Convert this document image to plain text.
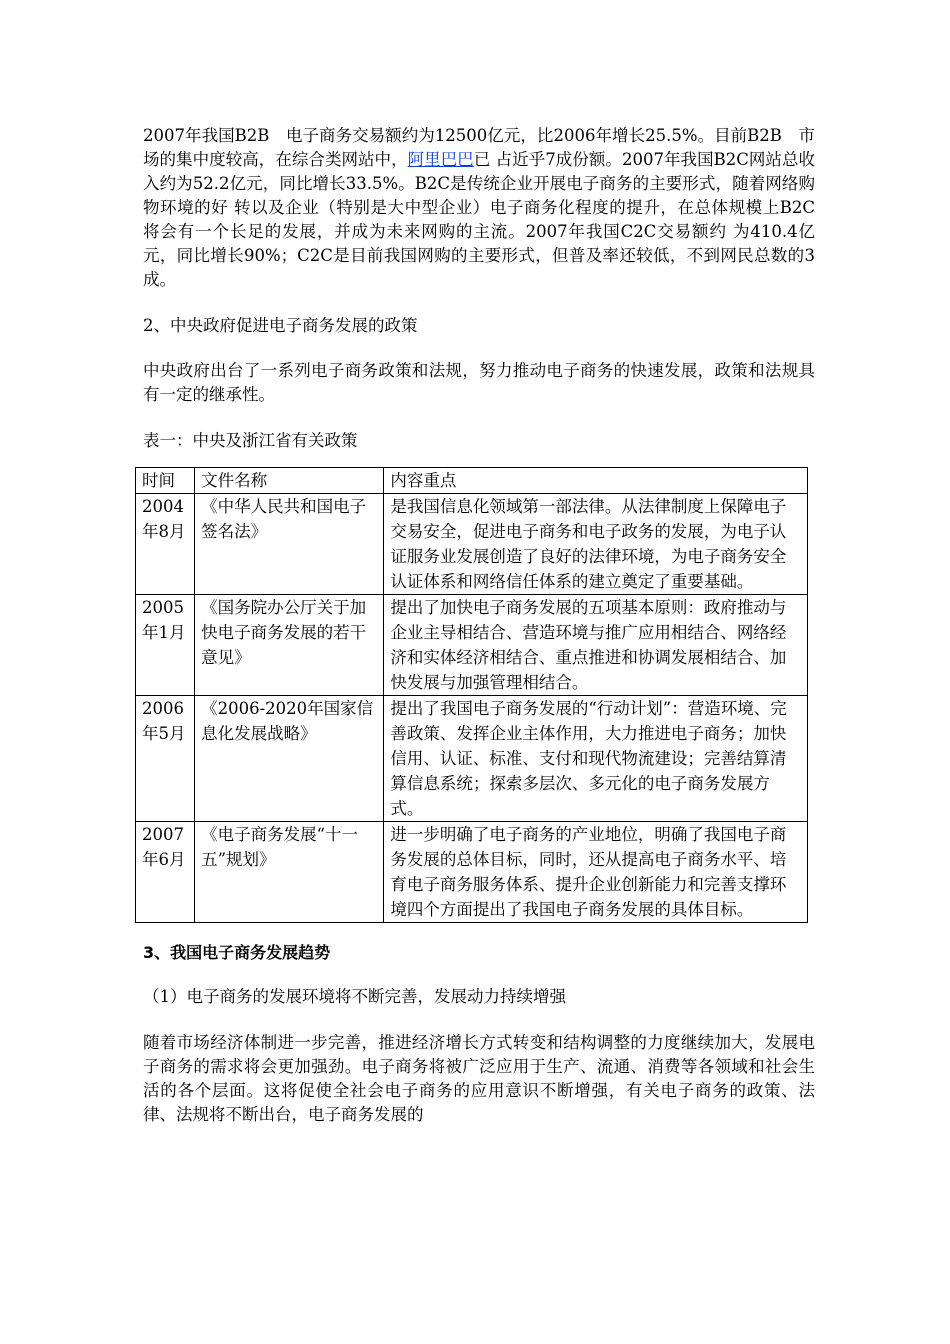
2007年我国B2B　电子商务交易额约为12500亿元，比2006年增长25.5%。目前B2B　市场的集中度较高，在综合类网站中，阿里巴巴已 占近乎7成份额。2007年我国B2C网站总收入约为52.2亿元，同比增长33.5%。B2C是传统企业开展电子商务的主要形式，随着网络购物环境的好 转以及企业（特别是大中型企业）电子商务化程度的提升，在总体规模上B2C　将会有一个长足的发展，并成为未来网购的主流。2007年我国C2C交易额约 为410.4亿元，同比增长90%；C2C是目前我国网购的主要形式，但普及率还较低，不到网民总数的3成。

2、中央政府促进电子商务发展的政策

中央政府出台了一系列电子商务政策和法规，努力推动电子商务的快速发展，政策和法规具有一定的继承性。

表一：中央及浙江省有关政策

时间	文件名称	内容重点
2004年8月	《中华人民共和国电子签名法》	是我国信息化领域第一部法律。从法律制度上保障电子交易安全，促进电子商务和电子政务的发展，为电子认证服务业发展创造了良好的法律环境，为电子商务安全认证体系和网络信任体系的建立奠定了重要基础。
2005年1月	《国务院办公厅关于加快电子商务发展的若干意见》	提出了加快电子商务发展的五项基本原则：政府推动与企业主导相结合、营造环境与推广应用相结合、网络经济和实体经济相结合、重点推进和协调发展相结合、加快发展与加强管理相结合。
2006年5月	《2006-2020年国家信息化发展战略》	提出了我国电子商务发展的“行动计划”：营造环境、完善政策、发挥企业主体作用，大力推进电子商务；加快信用、认证、标准、支付和现代物流建设；完善结算清算信息系统；探索多层次、多元化的电子商务发展方式。
2007年6月	《电子商务发展“十一五”规划》	进一步明确了电子商务的产业地位，明确了我国电子商务发展的总体目标，同时，还从提高电子商务水平、培育电子商务服务体系、提升企业创新能力和完善支撑环境四个方面提出了我国电子商务发展的具体目标。

3、我国电子商务发展趋势

（1）电子商务的发展环境将不断完善，发展动力持续增强

随着市场经济体制进一步完善，推进经济增长方式转变和结构调整的力度继续加大，发展电子商务的需求将会更加强劲。电子商务将被广泛应用于生产、流通、消费等各领域和社会生活的各个层面。这将促使全社会电子商务的应用意识不断增强，有关电子商务的政策、法律、法规将不断出台，电子商务发展的
